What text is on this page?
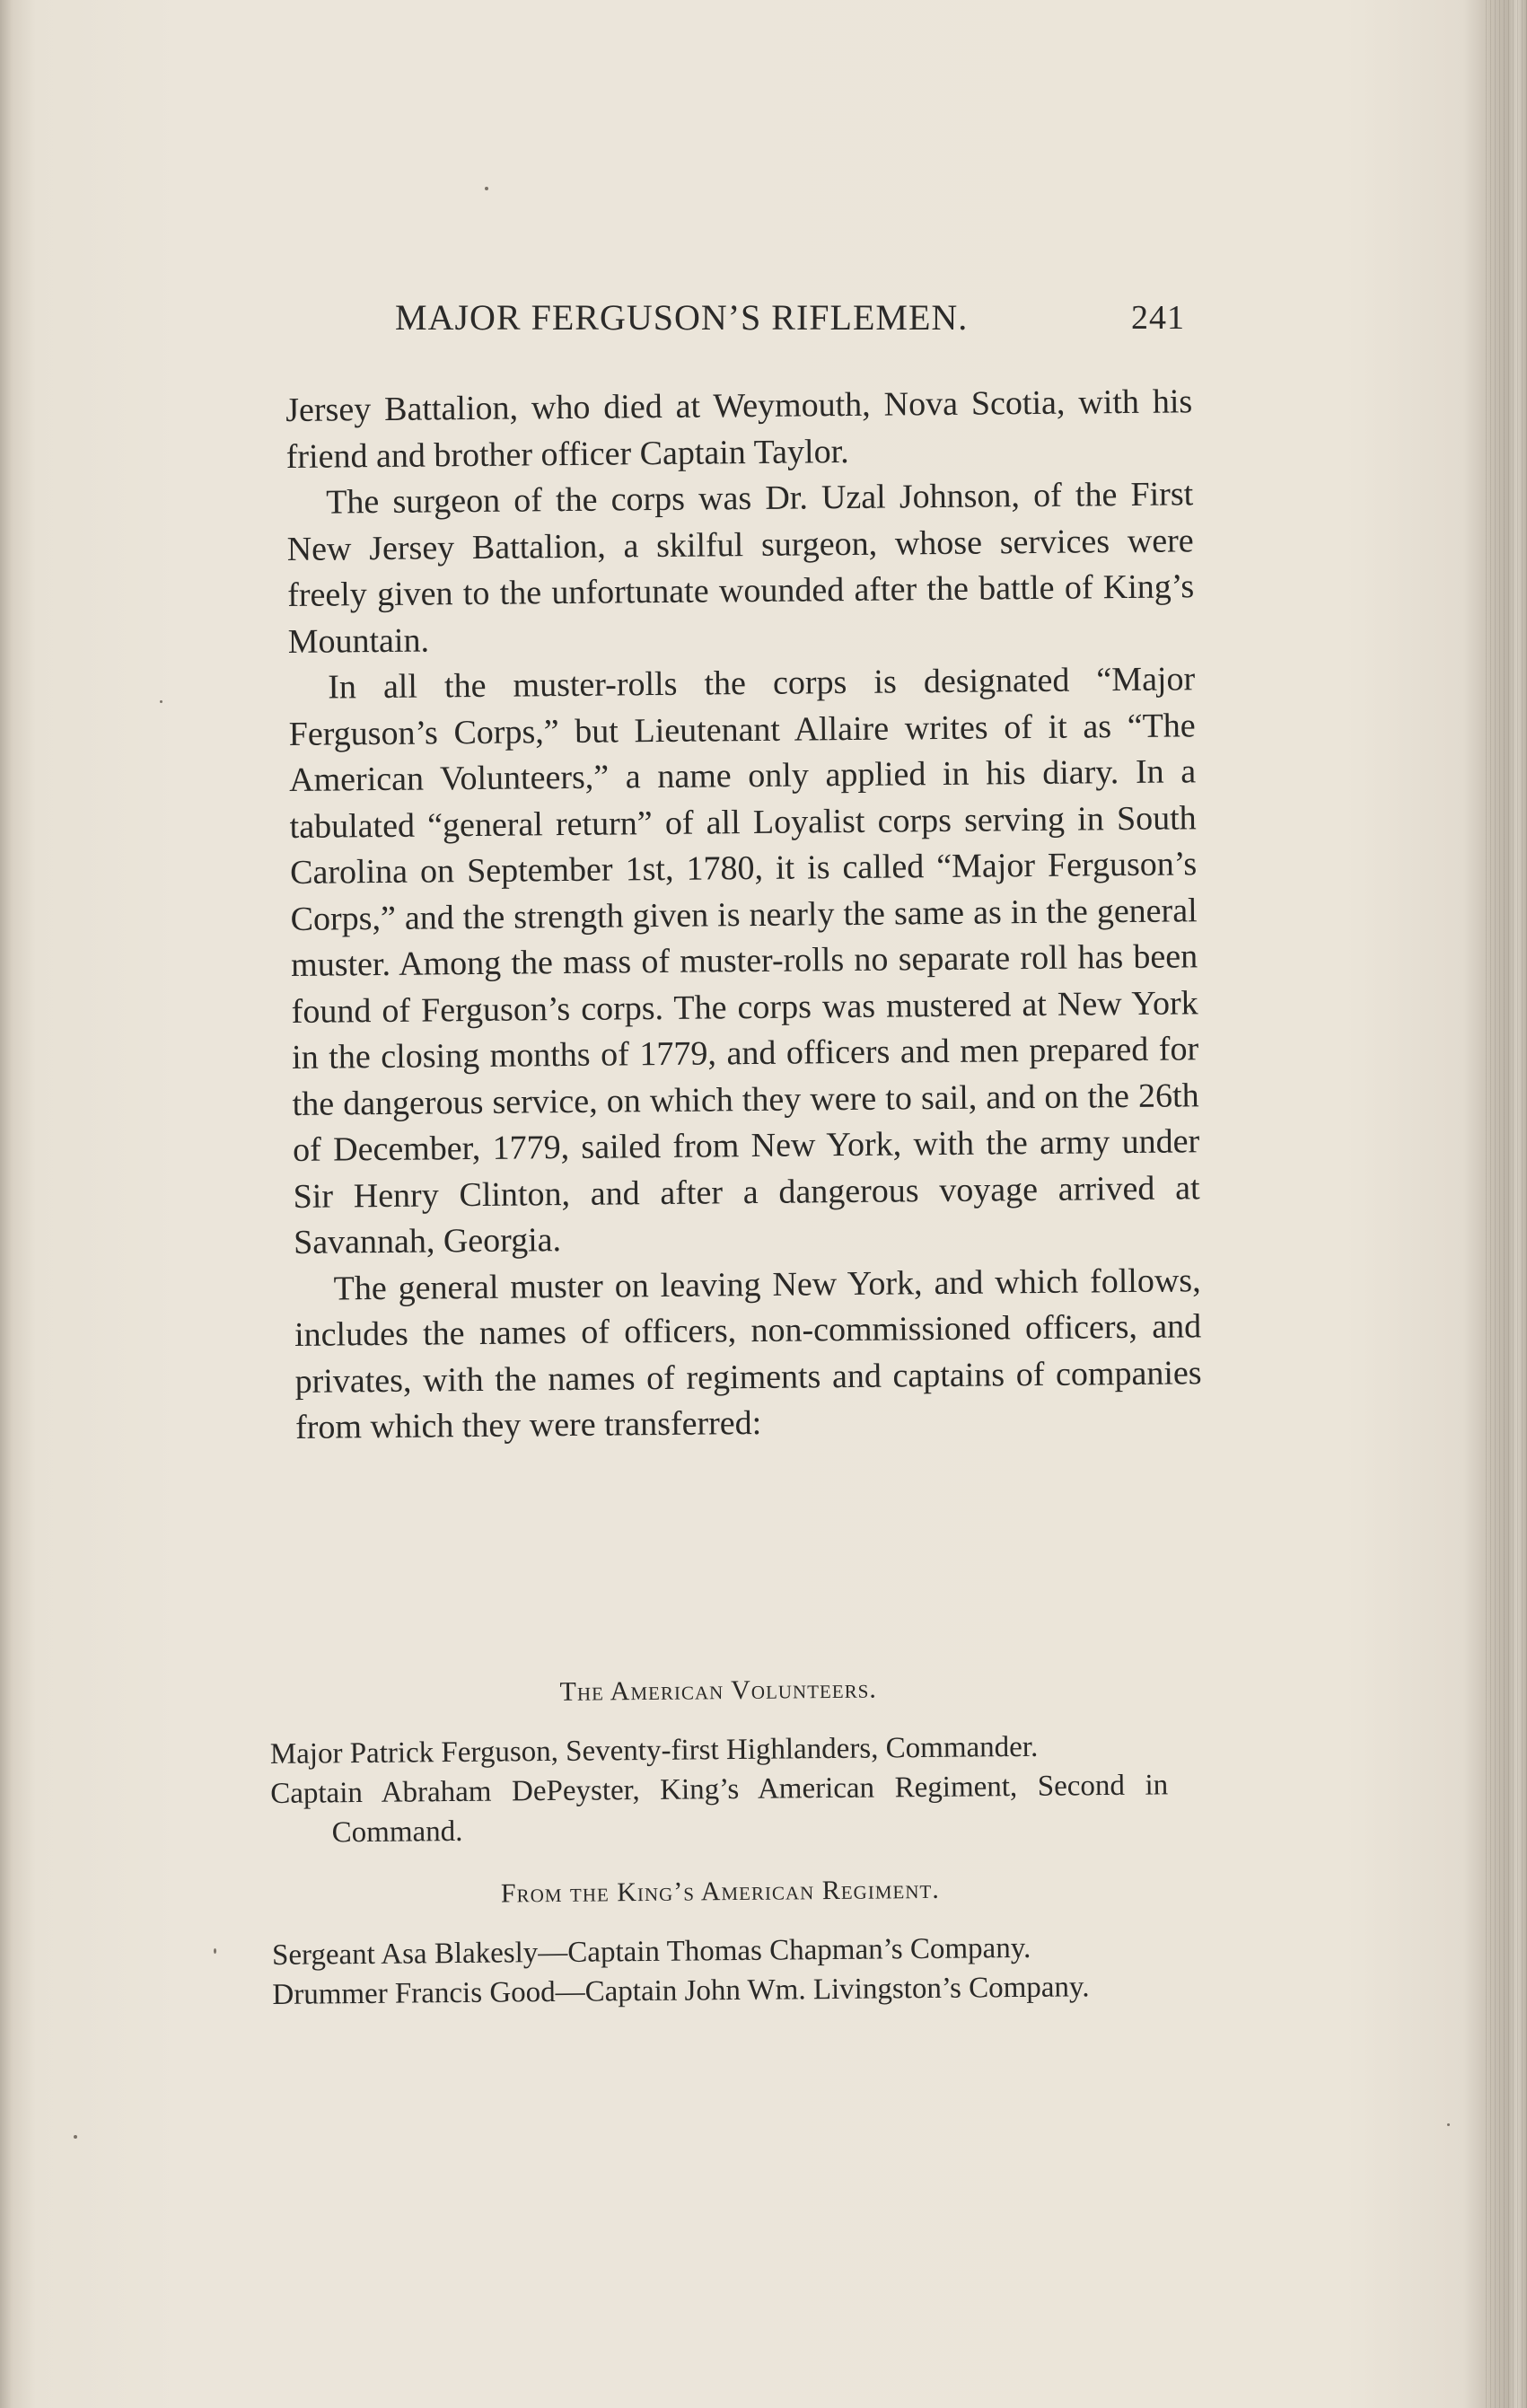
MAJOR FERGUSON’S RIFLEMEN.	241

Jersey Battalion, who died at Weymouth, Nova Scotia, with his friend and brother officer Captain Taylor.

The surgeon of the corps was Dr. Uzal Johnson, of the First New Jersey Battalion, a skilful surgeon, whose services were freely given to the unfortunate wounded after the battle of King’s Mountain.

In all the muster-rolls the corps is designated “Major Ferguson’s Corps,” but Lieutenant Allaire writes of it as “The American Volunteers,” a name only applied in his diary. In a tabulated “general return” of all Loyalist corps serving in South Carolina on September 1st, 1780, it is called “Major Ferguson’s Corps,” and the strength given is nearly the same as in the general muster. Among the mass of muster-rolls no separate roll has been found of Ferguson’s corps. The corps was mustered at New York in the closing months of 1779, and officers and men prepared for the dangerous service, on which they were to sail, and on the 26th of December, 1779, sailed from New York, with the army under Sir Henry Clinton, and after a dangerous voyage arrived at Savannah, Georgia.

The general muster on leaving New York, and which follows, includes the names of officers, non-commissioned officers, and privates, with the names of regiments and captains of companies from which they were transferred:

The American Volunteers.

Major Patrick Ferguson, Seventy-first Highlanders, Commander.

Captain Abraham DePeyster, King’s American Regiment, Second in Command.

From the King’s American Regiment.

Sergeant Asa Blakesly—Captain Thomas Chapman’s Company.

Drummer Francis Good—Captain John Wm. Livingston’s Company.
